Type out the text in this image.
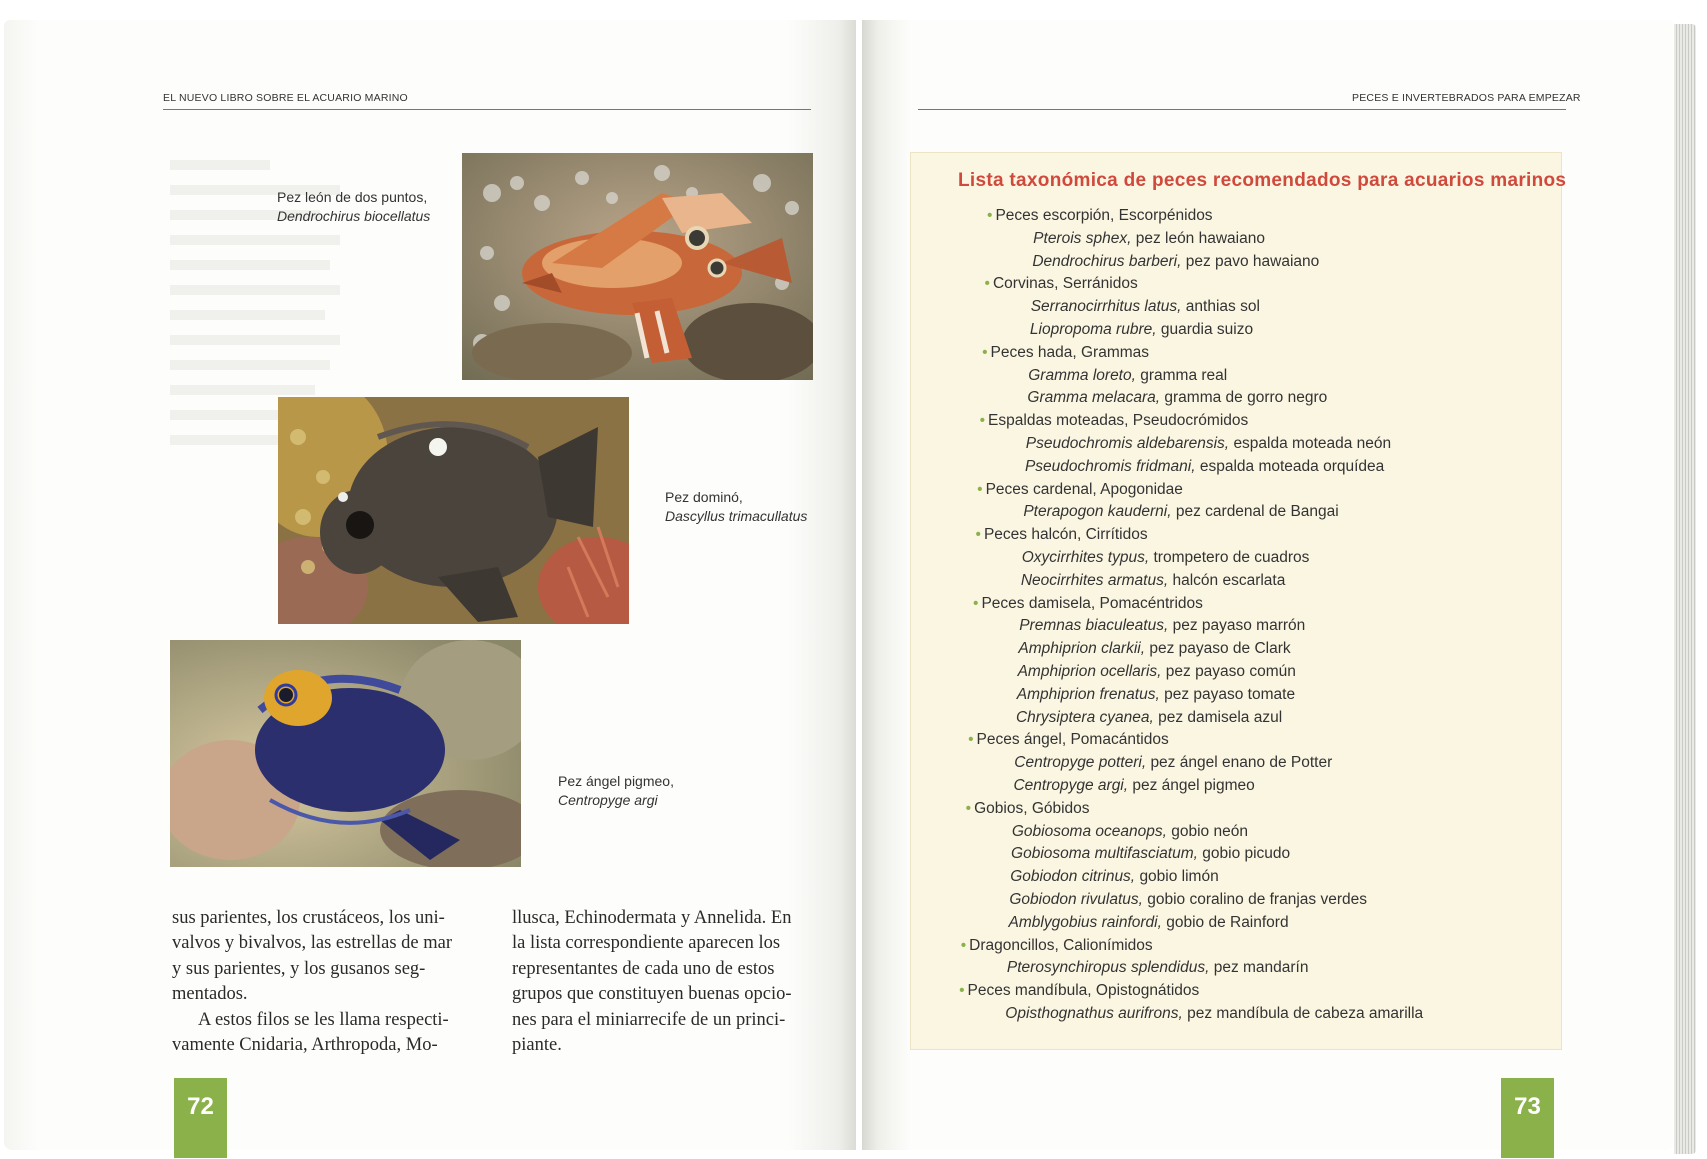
EL NUEVO LIBRO SOBRE EL ACUARIO MARINO
Pez león de dos puntos,
Dendrochirus biocellatus
Pez dominó,
Dascyllus trimacullatus
Pez ángel pigmeo,
Centropyge argi
sus parientes, los crustáceos, los uni-
valvos y bivalvos, las estrellas de mar
y sus parientes, y los gusanos seg-
mentados.
A estos filos se les llama respecti-
vamente Cnidaria, Arthropoda, Mo-
llusca, Echinodermata y Annelida. En
la lista correspondiente aparecen los
representantes de cada uno de estos
grupos que constituyen buenas opcio-
nes para el miniarrecife de un princi-
piante.
72
PECES E INVERTEBRADOS PARA EMPEZAR
Lista taxonómica de peces recomendados para acuarios marinos
• Peces escorpión, Escorpénidos
Pterois sphex, pez león hawaiano
Dendrochirus barberi, pez pavo hawaiano
• Corvinas, Serránidos
Serranocirrhitus latus, anthias sol
Liopropoma rubre, guardia suizo
• Peces hada, Grammas
Gramma loreto, gramma real
Gramma melacara, gramma de gorro negro
• Espaldas moteadas, Pseudocrómidos
Pseudochromis aldebarensis, espalda moteada neón
Pseudochromis fridmani, espalda moteada orquídea
• Peces cardenal, Apogonidae
Pterapogon kauderni, pez cardenal de Bangai
• Peces halcón, Cirrítidos
Oxycirrhites typus, trompetero de cuadros
Neocirrhites armatus, halcón escarlata
• Peces damisela, Pomacéntridos
Premnas biaculeatus, pez payaso marrón
Amphiprion clarkii, pez payaso de Clark
Amphiprion ocellaris, pez payaso común
Amphiprion frenatus, pez payaso tomate
Chrysiptera cyanea, pez damisela azul
• Peces ángel, Pomacántidos
Centropyge potteri, pez ángel enano de Potter
Centropyge argi, pez ángel pigmeo
• Gobios, Góbidos
Gobiosoma oceanops, gobio neón
Gobiosoma multifasciatum, gobio picudo
Gobiodon citrinus, gobio limón
Gobiodon rivulatus, gobio coralino de franjas verdes
Amblygobius rainfordi, gobio de Rainford
• Dragoncillos, Calionímidos
Pterosynchiropus splendidus, pez mandarín
• Peces mandíbula, Opistognátidos
Opisthognathus aurifrons, pez mandíbula de cabeza amarilla
73
